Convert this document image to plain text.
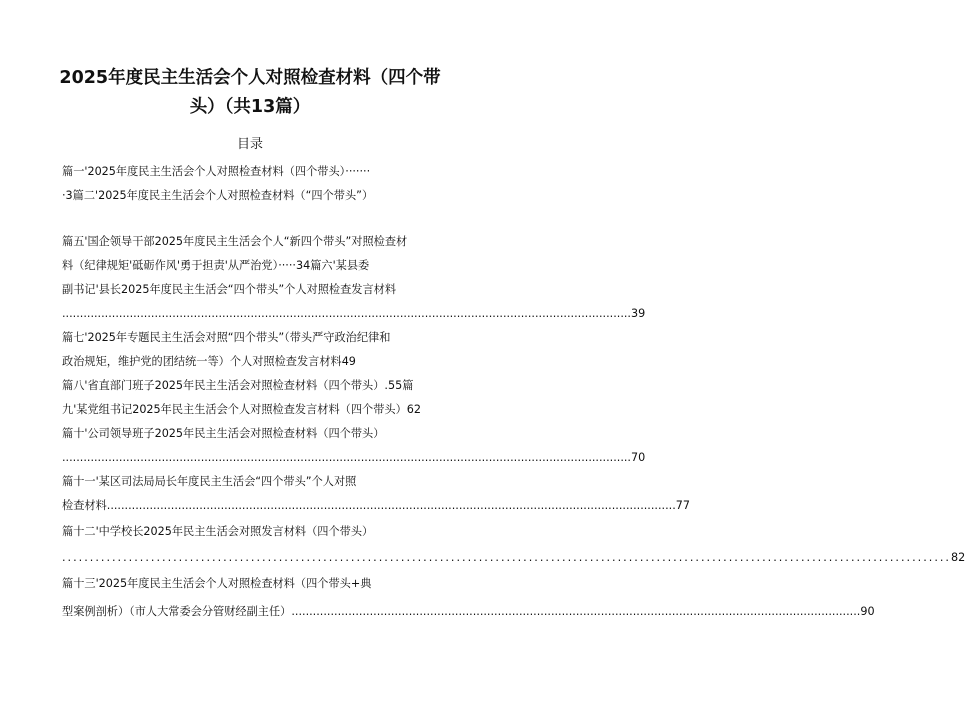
2025年度民主生活会个人对照检查材料（四个带
头）（共13篇）
目录
篇一'2025年度民主生活会个人对照检查材料（四个带头）·······
·3篇二'2025年度民主生活会个人对照检查材料（“四个带头”）
篇五'国企领导干部2025年度民主生活会个人“新四个带头”对照检查材
料（纪律规矩'砥砺作风'勇于担责'从严治党）·····34篇六'某县委
副书记'县长2025年度民主生活会“四个带头”个人对照检查发言材料
................................................................................................................................................................ 39
篇七'2025年专题民主生活会对照“四个带头”（带头严守政治纪律和
政治规矩，维护党的团结统一等）个人对照检查发言材料49
篇八'省直部门班子2025年民主生活会对照检查材料（四个带头）.55篇
九'某党组书记2025年民主生活会个人对照检查发言材料（四个带头）62
篇十'公司领导班子2025年民主生活会对照检查材料（四个带头）
................................................................................................................................................................ 70
篇十一'某区司法局局长年度民主生活会“四个带头”个人对照
检查材料 ................................................................................................................................................................ 77
篇十二'中学校长2025年民主生活会对照发言材料（四个带头）
................................................................................................................................................................ 82
篇十三'2025年度民主生活会个人对照检查材料（四个带头+典
型案例剖析）（市人大常委会分管财经副主任） ................................................................................................................................................................ 90
